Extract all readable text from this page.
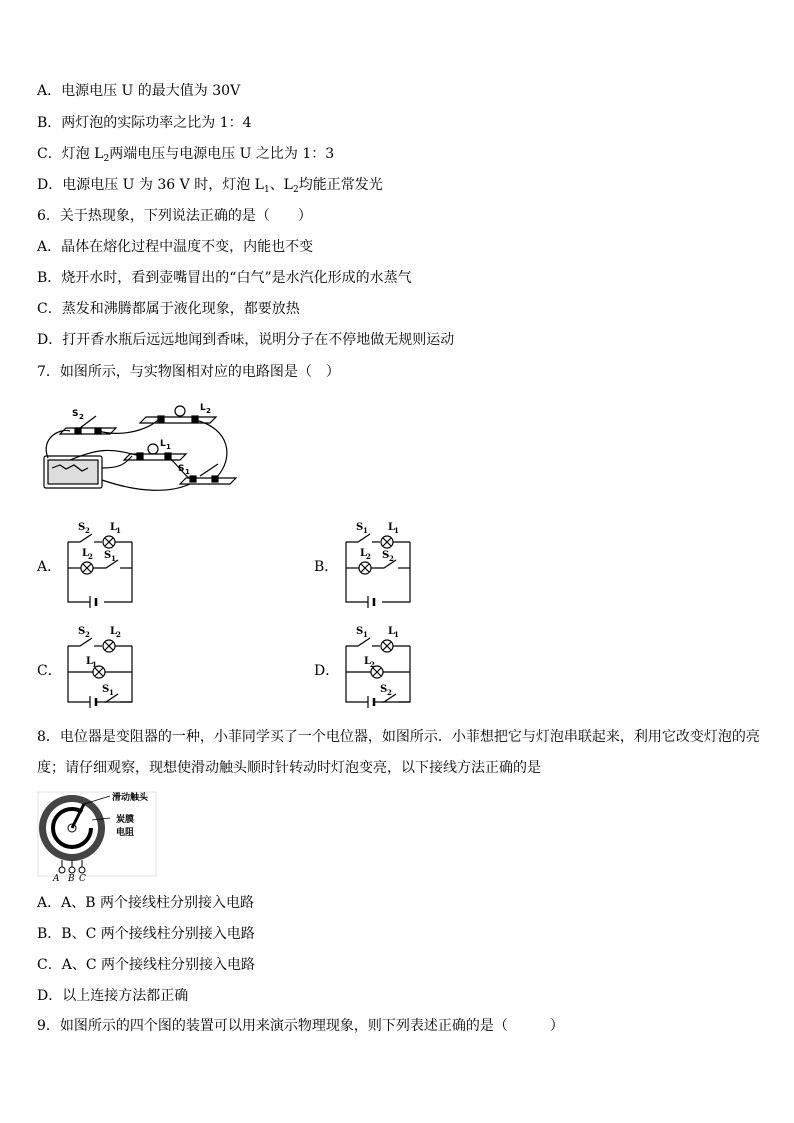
A．电源电压 U 的最大值为 30V
B．两灯泡的实际功率之比为 1：4
C．灯泡 $L_2$两端电压与电源电压 U 之比为 1：3
D．电源电压 U 为 36 V 时，灯泡 $L_1$、$L_2$均能正常发光
6．关于热现象，下列说法正确的是（　　）
A．晶体在熔化过程中温度不变，内能也不变
B．烧开水时，看到壶嘴冒出的“白气”是水汽化形成的水蒸气
C．蒸发和沸腾都属于液化现象，都要放热
D．打开香水瓶后远远地闻到香味，说明分子在不停地做无规则运动
7．如图所示，与实物图相对应的电路图是（　）
S 2
L 2
L 1
S 1
A．	B．
C．	D．
S 2 L
1
L
2 S 1
S 1 L
1
L
2 S 2
S 2 L
2
L
1
S 1
S 1 L
1
L
2
S 2
8．电位器是变阻器的一种，小菲同学买了一个电位器，如图所示．小菲想把它与灯泡串联起来，利用它改变灯泡的亮
度；请仔细观察，现想使滑动触头顺时针转动时灯泡变亮，以下接线方法正确的是
滑动触头
炭膜
电阻
A B C
A．A、B 两个接线柱分别接入电路
B．B、C 两个接线柱分别接入电路
C．A、C 两个接线柱分别接入电路
D．以上连接方法都正确
9．如图所示的四个图的装置可以用来演示物理现象，则下列表述正确的是（　　　）
